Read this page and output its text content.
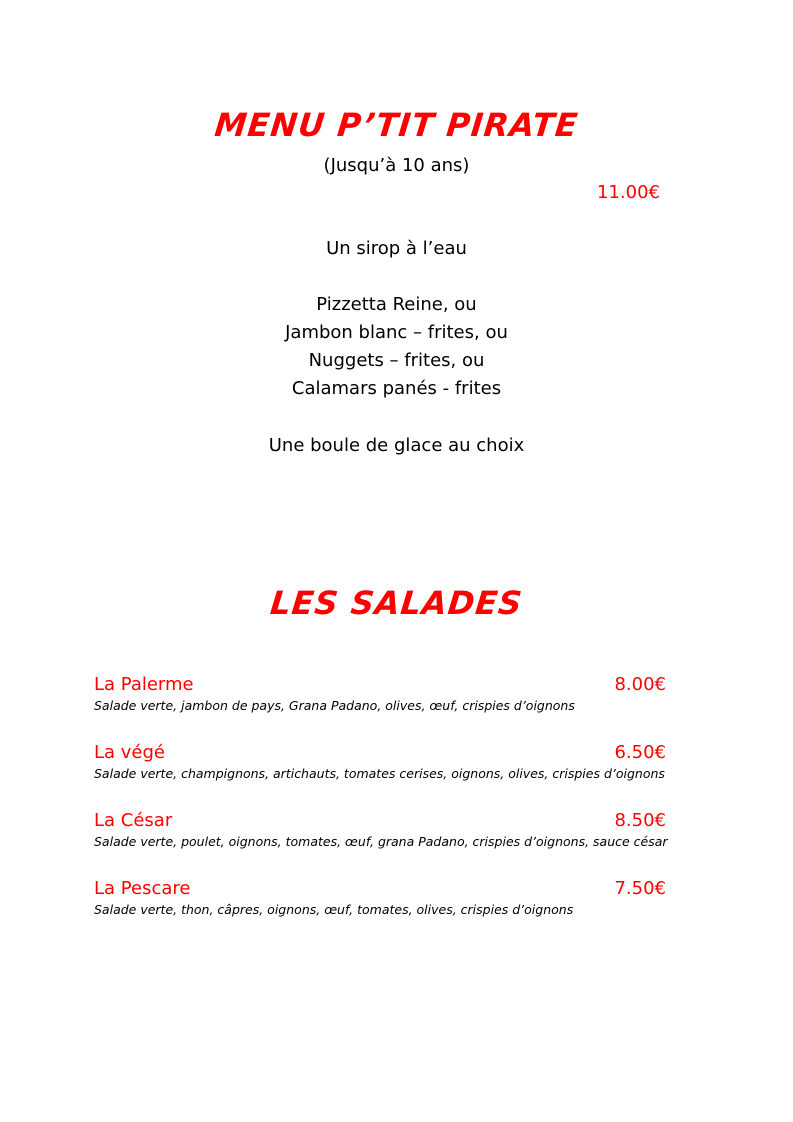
MENU P’TIT PIRATE
(Jusqu’à 10 ans)
11.00€
Un sirop à l’eau
Pizzetta Reine, ou
Jambon blanc – frites, ou
Nuggets – frites, ou
Calamars panés - frites
Une boule de glace au choix
LES SALADES
La Palerme	8.00€
Salade verte, jambon de pays, Grana Padano, olives, œuf, crispies d’oignons
La végé	6.50€
Salade verte, champignons, artichauts, tomates cerises, oignons, olives, crispies d’oignons
La César	8.50€
Salade verte, poulet, oignons, tomates, œuf, grana Padano, crispies d’oignons, sauce césar
La Pescare	7.50€
Salade verte, thon, câpres, oignons, œuf, tomates, olives, crispies d’oignons
